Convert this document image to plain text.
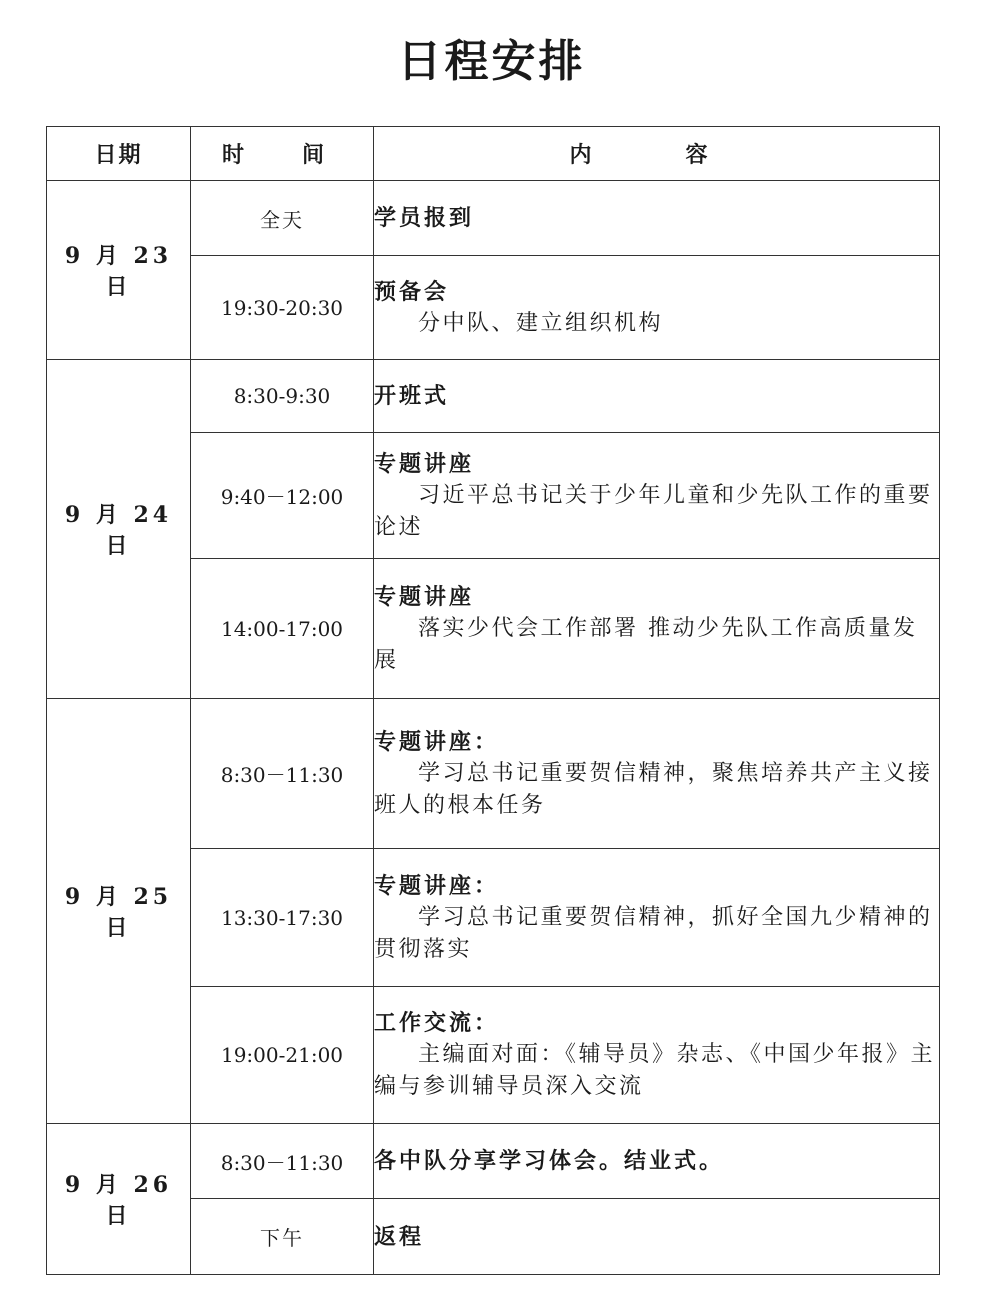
日程安排
日期	时　间	内　容
9 月 23 日	全天	学员报到

	19:30-20:30	预备会
分中队、建立组织机构

9 月 24 日	8:30-9:30	开班式

	9:40－12:00	专题讲座
习近平总书记关于少年儿童和少先队工作的重要论述

	14:00-17:00	专题讲座
落实少代会工作部署 推动少先队工作高质量发展

9 月 25 日	8:30－11:30	专题讲座：
学习总书记重要贺信精神，聚焦培养共产主义接班人的根本任务

	13:30-17:30	专题讲座：
学习总书记重要贺信精神，抓好全国九少精神的贯彻落实

	19:00-21:00	工作交流：
主编面对面：《辅导员》杂志、《中国少年报》主编与参训辅导员深入交流

9 月 26 日	8:30－11:30	各中队分享学习体会。结业式。

	下午	返程
